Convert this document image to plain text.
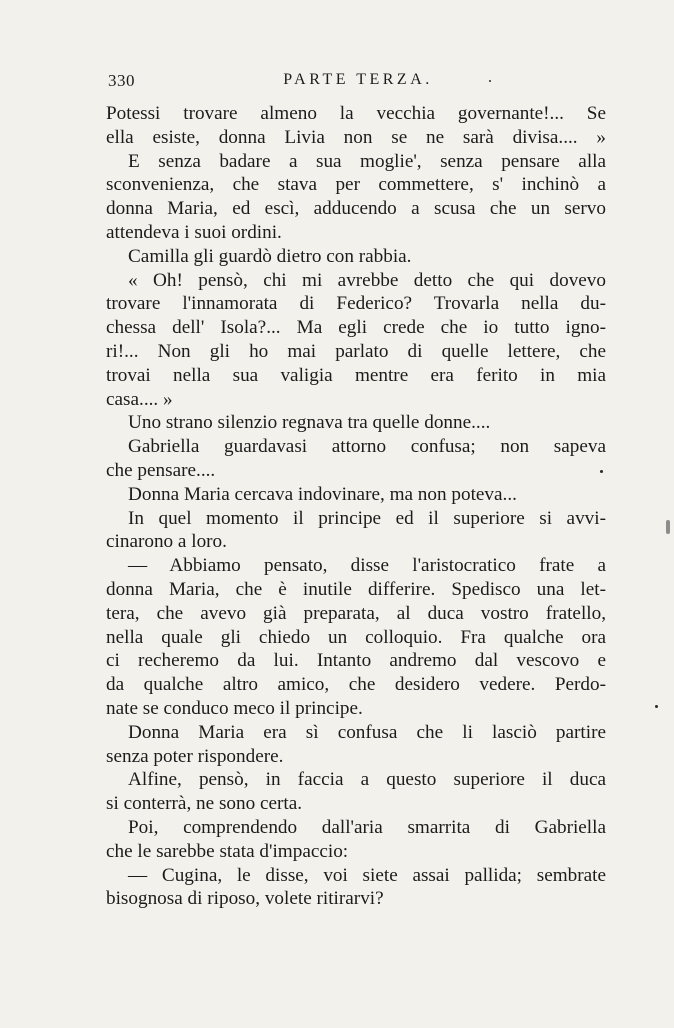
330	PARTE TERZA.
Potessi trovare almeno la vecchia governante!... Se
ella esiste, donna Livia non se ne sarà divisa.... »
E senza badare a sua moglie', senza pensare alla
sconvenienza, che stava per commettere, s' inchinò a
donna Maria, ed escì, adducendo a scusa che un servo
attendeva i suoi ordini.
Camilla gli guardò dietro con rabbia.
« Oh! pensò, chi mi avrebbe detto che qui dovevo
trovare l'innamorata di Federico? Trovarla nella du-
chessa dell' Isola?... Ma egli crede che io tutto igno-
ri!... Non gli ho mai parlato di quelle lettere, che
trovai nella sua valigia mentre era ferito in mia
casa.... »
Uno strano silenzio regnava tra quelle donne....
Gabriella guardavasi attorno confusa; non sapeva
che pensare....
Donna Maria cercava indovinare, ma non poteva...
In quel momento il principe ed il superiore si avvi-
cinarono a loro.
— Abbiamo pensato, disse l'aristocratico frate a
donna Maria, che è inutile differire. Spedisco una let-
tera, che avevo già preparata, al duca vostro fratello,
nella quale gli chiedo un colloquio. Fra qualche ora
ci recheremo da lui. Intanto andremo dal vescovo e
da qualche altro amico, che desidero vedere. Perdo-
nate se conduco meco il principe.
Donna Maria era sì confusa che li lasciò partire
senza poter rispondere.
Alfine, pensò, in faccia a questo superiore il duca
si conterrà, ne sono certa.
Poi, comprendendo dall'aria smarrita di Gabriella
che le sarebbe stata d'impaccio:
— Cugina, le disse, voi siete assai pallida; sembrate
bisognosa di riposo, volete ritirarvi?
